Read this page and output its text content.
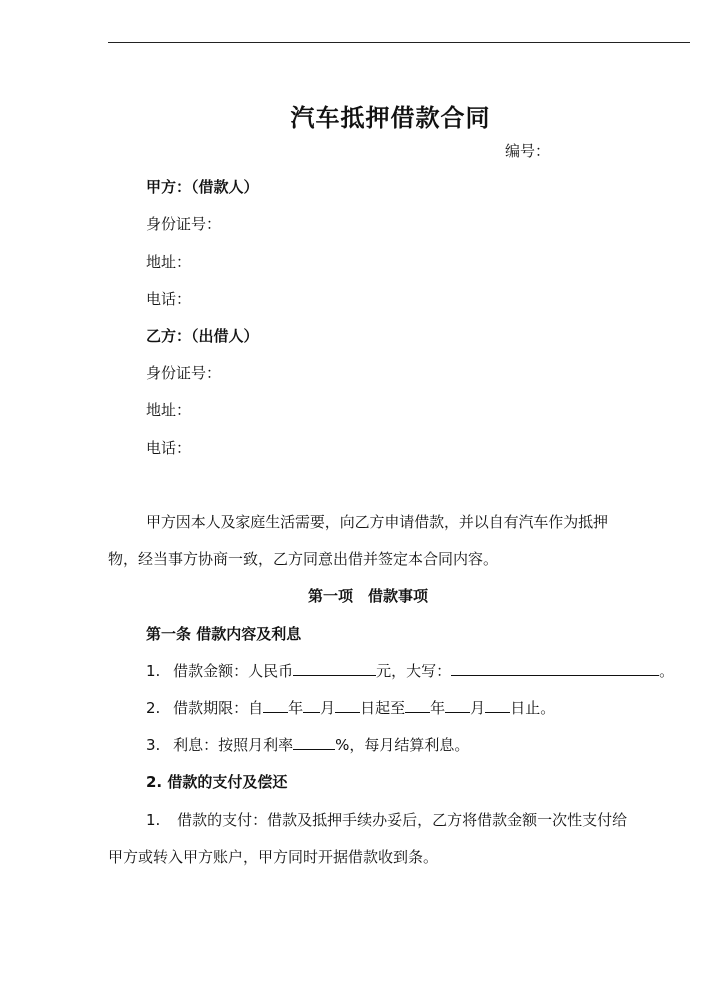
汽车抵押借款合同
编号：
甲方：（借款人）
身份证号：
地址：
电话：
乙方：（出借人）
身份证号：
地址：
电话：
甲方因本人及家庭生活需要，向乙方申请借款，并以自有汽车作为抵押
物，经当事方协商一致，乙方同意出借并签定本合同内容。
第一项　借款事项
第一条 借款内容及利息
1. 借款金额：人民币	元，大写：	。
2. 借款期限：自 年 月 日起至 年 月 日止。
3. 利息：按照月利率	%，每月结算利息。
2. 借款的支付及偿还
1. 借款的支付：借款及抵押手续办妥后，乙方将借款金额一次性支付给
甲方或转入甲方账户，甲方同时开据借款收到条。
